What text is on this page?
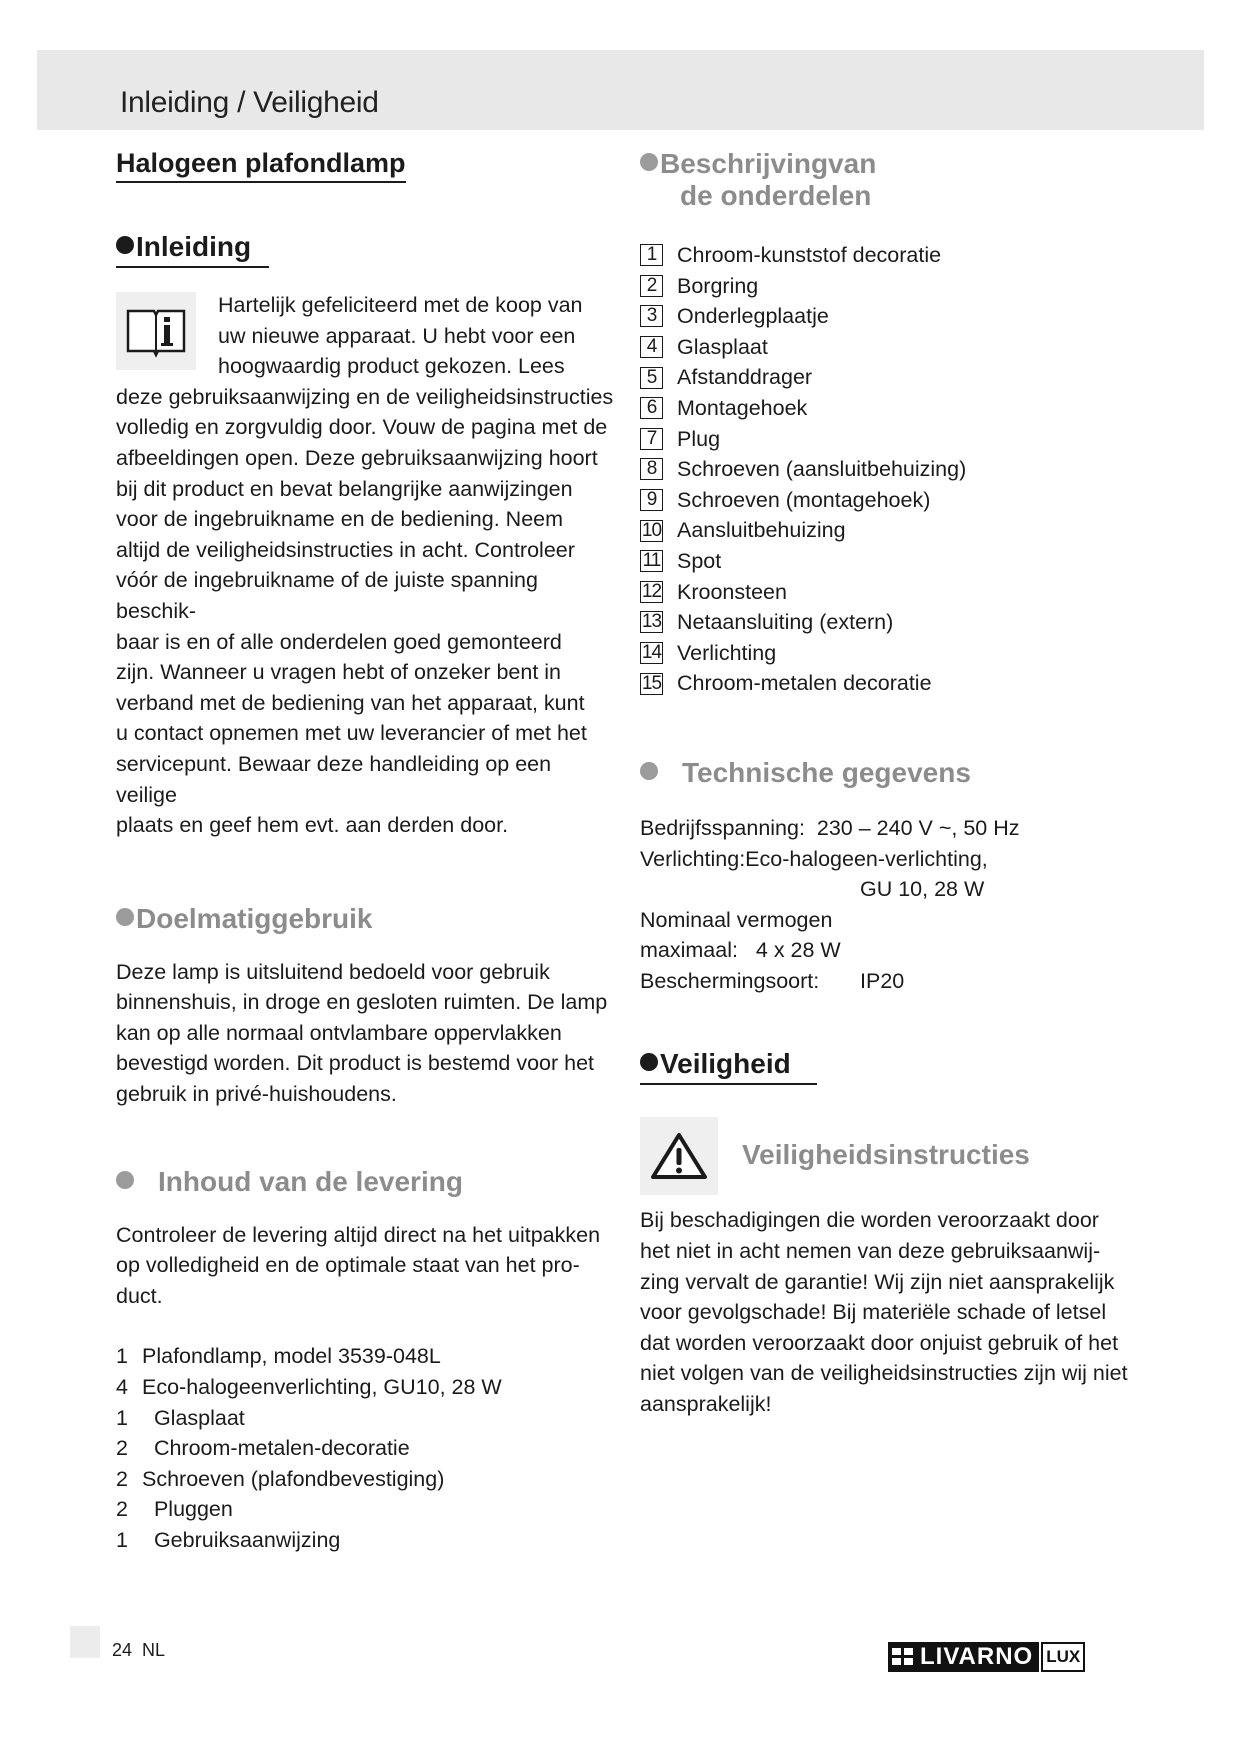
Inleiding / Veiligheid
Halogeen plafondlamp
Inleiding

Hartelijk gefeliciteerd met de koop van

uw nieuwe apparaat. U hebt voor een

hoogwaardig product gekozen. Lees

deze gebruiksaanwijzing en de veiligheidsinstructies

volledig en zorgvuldig door. Vouw de pagina met de

afbeeldingen open. Deze gebruiksaanwijzing hoort

bij dit product en bevat belangrijke aanwijzingen

voor de ingebruikname en de bediening. Neem

altijd de veiligheidsinstructies in acht. Controleer

vóór de ingebruikname of de juiste spanning beschik-

baar is en of alle onderdelen goed gemonteerd

zijn. Wanneer u vragen hebt of onzeker bent in

verband met de bediening van het apparaat, kunt

u contact opnemen met uw leverancier of met het

servicepunt. Bewaar deze handleiding op een veilige

plaats en geef hem evt. aan derden door.

Doelmatiggebruik

Deze lamp is uitsluitend bedoeld voor gebruik

binnenshuis, in droge en gesloten ruimten. De lamp

kan op alle normaal ontvlambare oppervlakken

bevestigd worden. Dit product is bestemd voor het

gebruik in privé-huishoudens.

Inhoud van de levering

Controleer de levering altijd direct na het uitpakken

op volledigheid en de optimale staat van het pro-

duct.

1 Plafondlamp, model 3539-048L
4 Eco-halogeenverlichting, GU10, 28 W
1  Glasplaat
2  Chroom-metalen-decoratie
2 Schroeven (plafondbevestiging)
2  Pluggen
1  Gebruiksaanwijzing
Beschrijvingvan
de onderdelen
1 Chroom-kunststof decoratie
2 Borgring
3 Onderlegplaatje
4 Glasplaat
5 Afstanddrager
6 Montagehoek
7 Plug
8 Schroeven (aansluitbehuizing)
9 Schroeven (montagehoek)
10 Aansluitbehuizing
11 Spot
12 Kroonsteen
13 Netaansluiting (extern)
14 Verlichting
15 Chroom-metalen decoratie
Technische gegevens

Bedrijfsspanning: 230 – 240 V ~, 50 Hz

Verlichting:Eco-halogeen-verlichting,

GU 10, 28 W

Nominaal vermogen

maximaal: 4 x 28 W

Beschermingsoort: IP20

Veiligheid
Veiligheidsinstructies

Bij beschadigingen die worden veroorzaakt door

het niet in acht nemen van deze gebruiksaanwij-

zing vervalt de garantie! Wij zijn niet aansprakelijk

voor gevolgschade! Bij materiële schade of letsel

dat worden veroorzaakt door onjuist gebruik of het

niet volgen van de veiligheidsinstructies zijn wij niet

aansprakelijk!

24 NL	LIVARNO LUX
